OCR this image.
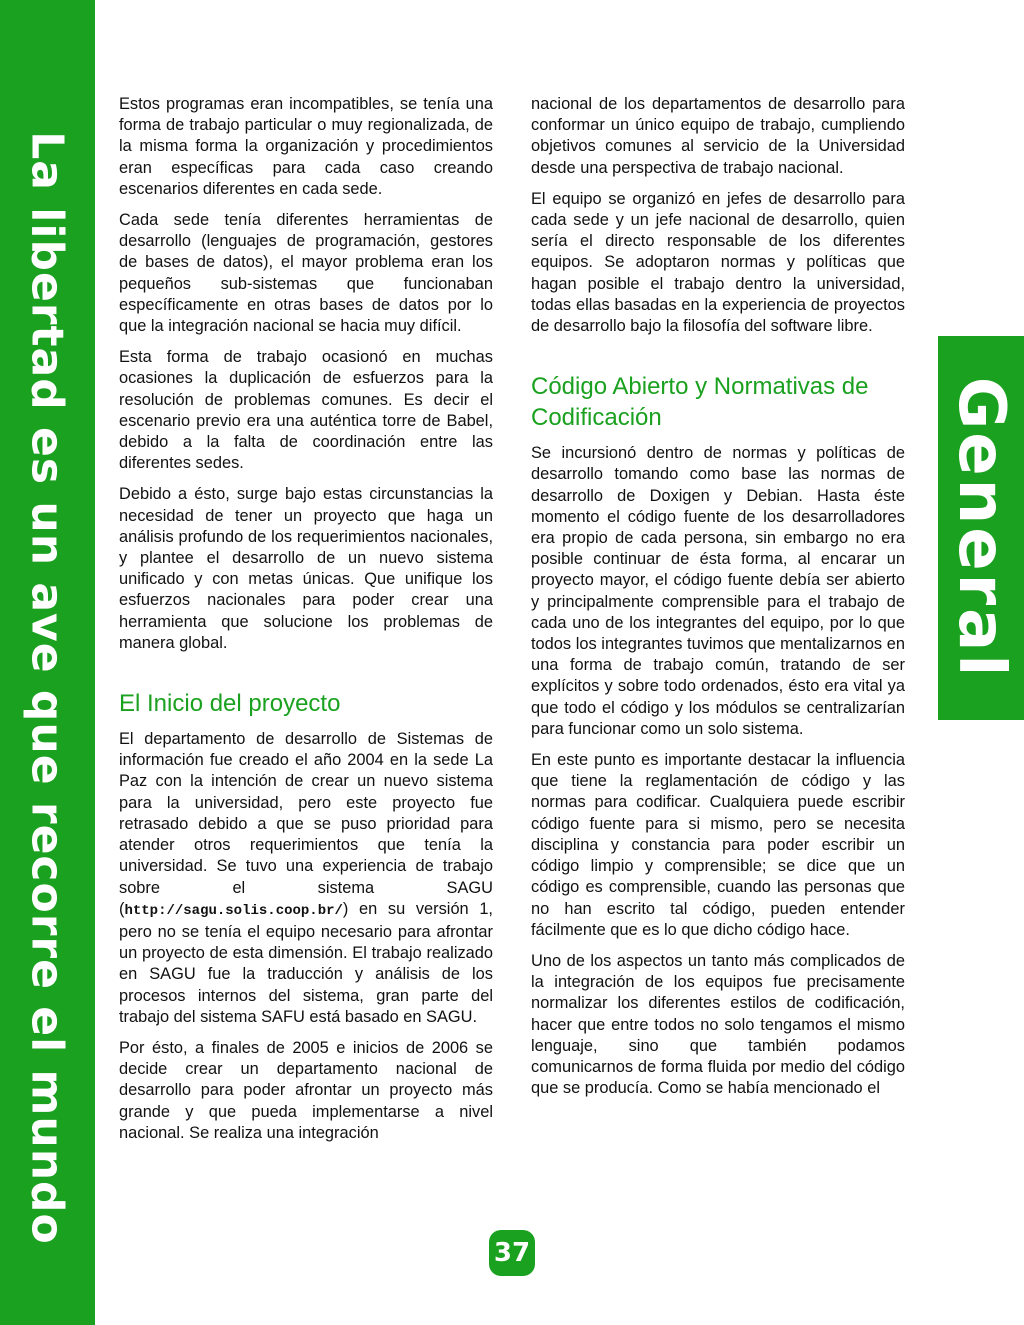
La libertad es un ave que recorre el mundo	General

Estos programas eran incompatibles, se tenía una forma de trabajo particular o muy regionalizada, de la misma forma la organización y procedimientos eran específicas para cada caso creando escenarios diferentes en cada sede.

Cada sede tenía diferentes herramientas de desarrollo (lenguajes de programación, gestores de bases de datos), el mayor problema eran los pequeños sub-sistemas que funcionaban específicamente en otras bases de datos por lo que la integración nacional se hacia muy difícil.

Esta forma de trabajo ocasionó en muchas ocasiones la duplicación de esfuerzos para la resolución de problemas comunes. Es decir el escenario previo era una auténtica torre de Babel, debido a la falta de coordinación entre las diferentes sedes.

Debido a ésto, surge bajo estas circunstancias la necesidad de tener un proyecto que haga un análisis profundo de los requerimientos nacionales, y plantee el desarrollo de un nuevo sistema unificado y con metas únicas. Que unifique los esfuerzos nacionales para poder crear una herramienta que solucione los problemas de manera global.

El Inicio del proyecto

El departamento de desarrollo de Sistemas de información fue creado el año 2004 en la sede La Paz con la intención de crear un nuevo sistema para la universidad, pero este proyecto fue retrasado debido a que se puso prioridad para atender otros requerimientos que tenía la universidad. Se tuvo una experiencia de trabajo sobre el sistema SAGU (http://sagu.solis.coop.br/) en su versión 1, pero no se tenía el equipo necesario para afrontar un proyecto de esta dimensión. El trabajo realizado en SAGU fue la traducción y análisis de los procesos internos del sistema, gran parte del trabajo del sistema SAFU está basado en SAGU.

Por ésto, a finales de 2005 e inicios de 2006 se decide crear un departamento nacional de desarrollo para poder afrontar un proyecto más grande y que pueda implementarse a nivel nacional. Se realiza una integración

nacional de los departamentos de desarrollo para conformar un único equipo de trabajo, cumpliendo objetivos comunes al servicio de la Universidad desde una perspectiva de trabajo nacional.

El equipo se organizó en jefes de desarrollo para cada sede y un jefe nacional de desarrollo, quien sería el directo responsable de los diferentes equipos. Se adoptaron normas y políticas que hagan posible el trabajo dentro la universidad, todas ellas basadas en la experiencia de proyectos de desarrollo bajo la filosofía del software libre.

Código Abierto y Normativas de Codificación

Se incursionó dentro de normas y políticas de desarrollo tomando como base las normas de desarrollo de Doxigen y Debian. Hasta éste momento el código fuente de los desarrolladores era propio de cada persona, sin embargo no era posible continuar de ésta forma, al encarar un proyecto mayor, el código fuente debía ser abierto y principalmente comprensible para el trabajo de cada uno de los integrantes del equipo, por lo que todos los integrantes tuvimos que mentalizarnos en una forma de trabajo común, tratando de ser explícitos y sobre todo ordenados, ésto era vital ya que todo el código y los módulos se centralizarían para funcionar como un solo sistema.

En este punto es importante destacar la influencia que tiene la reglamentación de código y las normas para codificar. Cualquiera puede escribir código fuente para si mismo, pero se necesita disciplina y constancia para poder escribir un código limpio y comprensible; se dice que un código es comprensible, cuando las personas que no han escrito tal código, pueden entender fácilmente que es lo que dicho código hace.

Uno de los aspectos un tanto más complicados de la integración de los equipos fue precisamente normalizar los diferentes estilos de codificación, hacer que entre todos no solo tengamos el mismo lenguaje, sino que también podamos comunicarnos de forma fluida por medio del código que se producía. Como se había mencionado el

37
